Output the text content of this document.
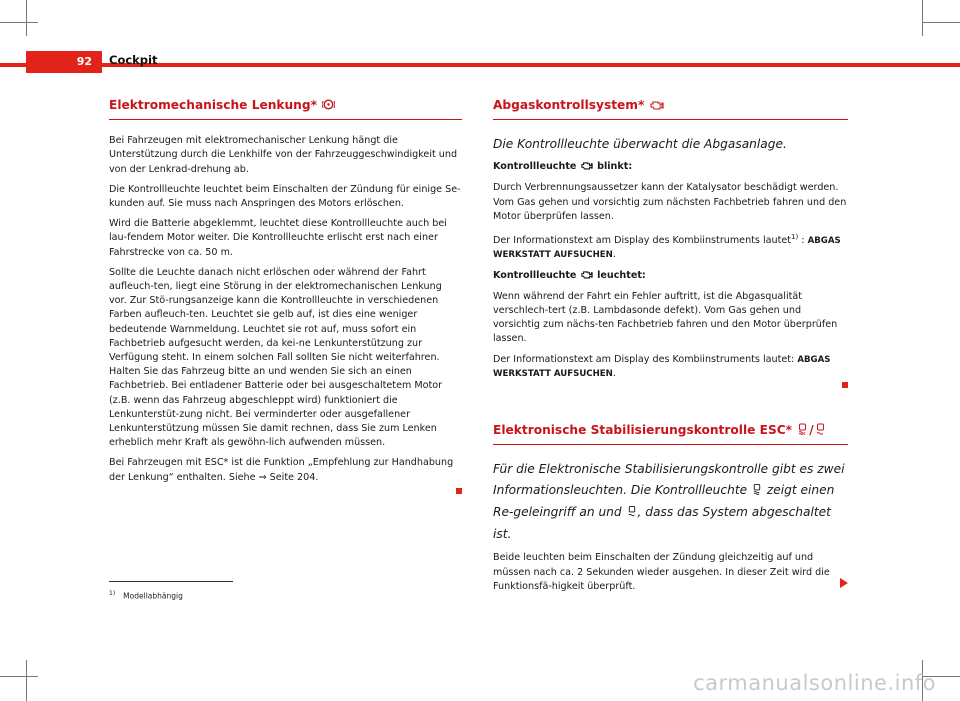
92	Cockpit
Elektromechanische Lenkung*

Bei Fahrzeugen mit elektromechanischer Lenkung hängt die Unterstützung durch die Lenkhilfe von der Fahrzeuggeschwindigkeit und von der Lenkrad-drehung ab.

Die Kontrollleuchte leuchtet beim Einschalten der Zündung für einige Se-kunden auf. Sie muss nach Anspringen des Motors erlöschen.

Wird die Batterie abgeklemmt, leuchtet diese Kontrollleuchte auch bei lau-fendem Motor weiter. Die Kontrollleuchte erlischt erst nach einer Fahrstrecke von ca. 50 m.

Sollte die Leuchte danach nicht erlöschen oder während der Fahrt aufleuch-ten, liegt eine Störung in der elektromechanischen Lenkung vor. Zur Stö-rungsanzeige kann die Kontrollleuchte in verschiedenen Farben aufleuch-ten. Leuchtet sie gelb auf, ist dies eine weniger bedeutende Warnmeldung. Leuchtet sie rot auf, muss sofort ein Fachbetrieb aufgesucht werden, da kei-ne Lenkunterstützung zur Verfügung steht. In einem solchen Fall sollten Sie nicht weiterfahren. Halten Sie das Fahrzeug bitte an und wenden Sie sich an einen Fachbetrieb. Bei entladener Batterie oder bei ausgeschaltetem Motor (z.B. wenn das Fahrzeug abgeschleppt wird) funktioniert die Lenkunterstüt-zung nicht. Bei verminderter oder ausgefallener Lenkunterstützung müssen Sie damit rechnen, dass Sie zum Lenken erheblich mehr Kraft als gewöhn-lich aufwenden müssen.

Bei Fahrzeugen mit ESC* ist die Funktion „Empfehlung zur Handhabung der Lenkung“ enthalten. Siehe ⇒ Seite 204.

Abgaskontrollsystem*

Die Kontrollleuchte überwacht die Abgasanlage.

Kontrollleuchte blinkt:

Durch Verbrennungsaussetzer kann der Katalysator beschädigt werden. Vom Gas gehen und vorsichtig zum nächsten Fachbetrieb fahren und den Motor überprüfen lassen.

Der Informationstext am Display des Kombiinstruments lautet$^{1)}$ : ABGAS WERKSTATT AUFSUCHEN.

Kontrollleuchte leuchtet:

Wenn während der Fahrt ein Fehler auftritt, ist die Abgasqualität verschlech-tert (z.B. Lambdasonde defekt). Vom Gas gehen und vorsichtig zum nächs-ten Fachbetrieb fahren und den Motor überprüfen lassen.

Der Informationstext am Display des Kombiinstruments lautet: ABGAS WERKSTATT AUFSUCHEN.

Elektronische Stabilisierungskontrolle ESC* /

Für die Elektronische Stabilisierungskontrolle gibt es zwei Informationsleuchten. Die Kontrollleuchte zeigt einen Re-geleingriff an und , dass das System abgeschaltet ist.

Beide leuchten beim Einschalten der Zündung gleichzeitig auf und müssen nach ca. 2 Sekunden wieder ausgehen. In dieser Zeit wird die Funktionsfä-higkeit überprüft.

$^{1)}$ Modellabhängig
carmanualsonline.info
